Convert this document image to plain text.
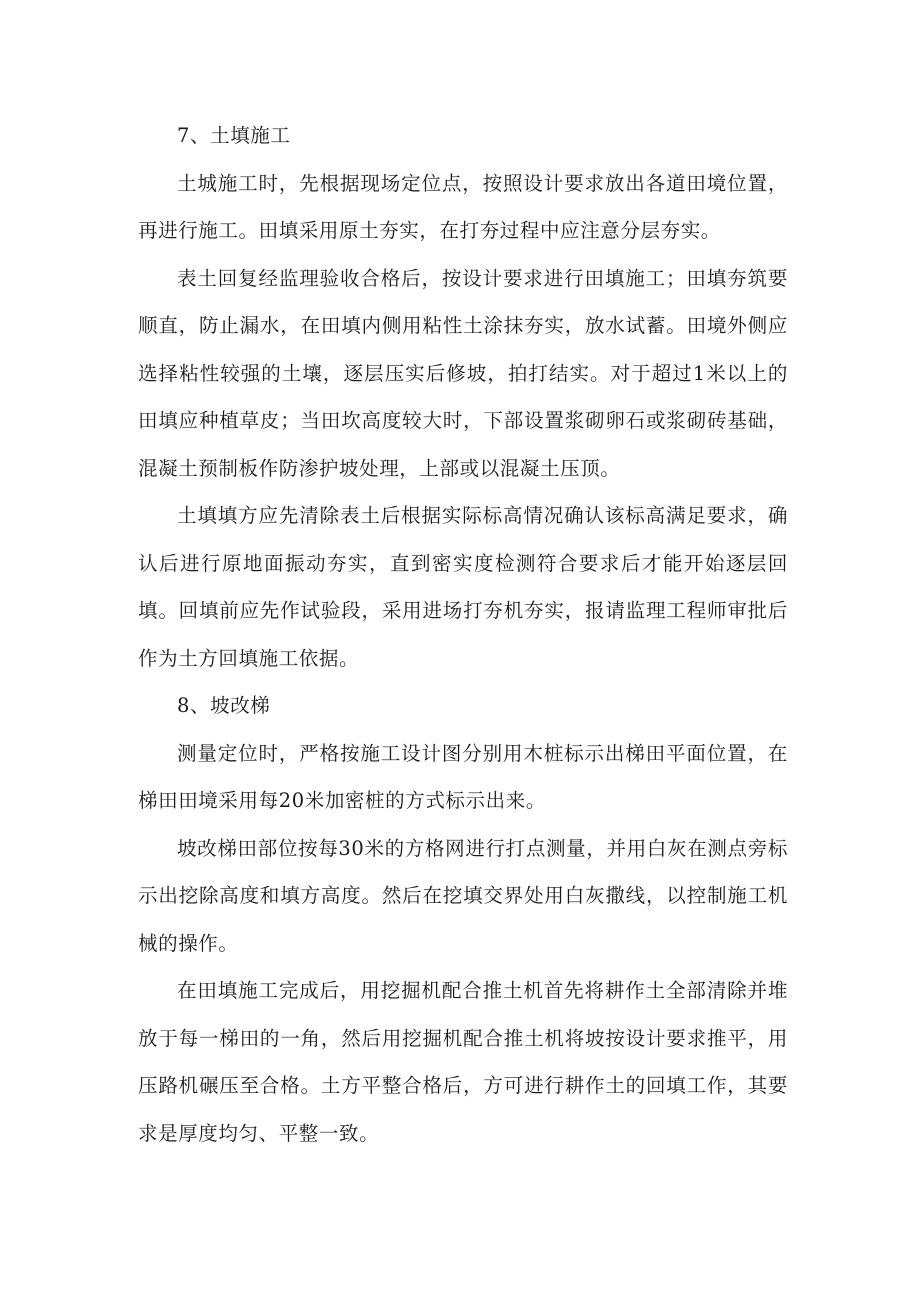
7、土填施工

土城施工时，先根据现场定位点，按照设计要求放出各道田境位置，再进行施工。田填采用原土夯实，在打夯过程中应注意分层夯实。

表土回复经监理验收合格后，按设计要求进行田填施工；田填夯筑要顺直，防止漏水，在田填内侧用粘性土涂抹夯实，放水试蓄。田境外侧应选择粘性较强的土壤，逐层压实后修坡，拍打结实。对于超过1米以上的田填应种植草皮；当田坎高度较大时，下部设置浆砌卵石或浆砌砖基础，混凝土预制板作防渗护坡处理，上部或以混凝土压顶。

土填填方应先清除表土后根据实际标高情况确认该标高满足要求，确认后进行原地面振动夯实，直到密实度检测符合要求后才能开始逐层回填。回填前应先作试验段，采用进场打夯机夯实，报请监理工程师审批后作为土方回填施工依据。

8、坡改梯

测量定位时，严格按施工设计图分别用木桩标示出梯田平面位置，在梯田田境采用每20米加密桩的方式标示出来。

坡改梯田部位按每30米的方格网进行打点测量，并用白灰在测点旁标示出挖除高度和填方高度。然后在挖填交界处用白灰撒线，以控制施工机械的操作。

在田填施工完成后，用挖掘机配合推土机首先将耕作土全部清除并堆放于每一梯田的一角，然后用挖掘机配合推土机将坡按设计要求推平，用压路机碾压至合格。土方平整合格后，方可进行耕作土的回填工作，其要求是厚度均匀、平整一致。
